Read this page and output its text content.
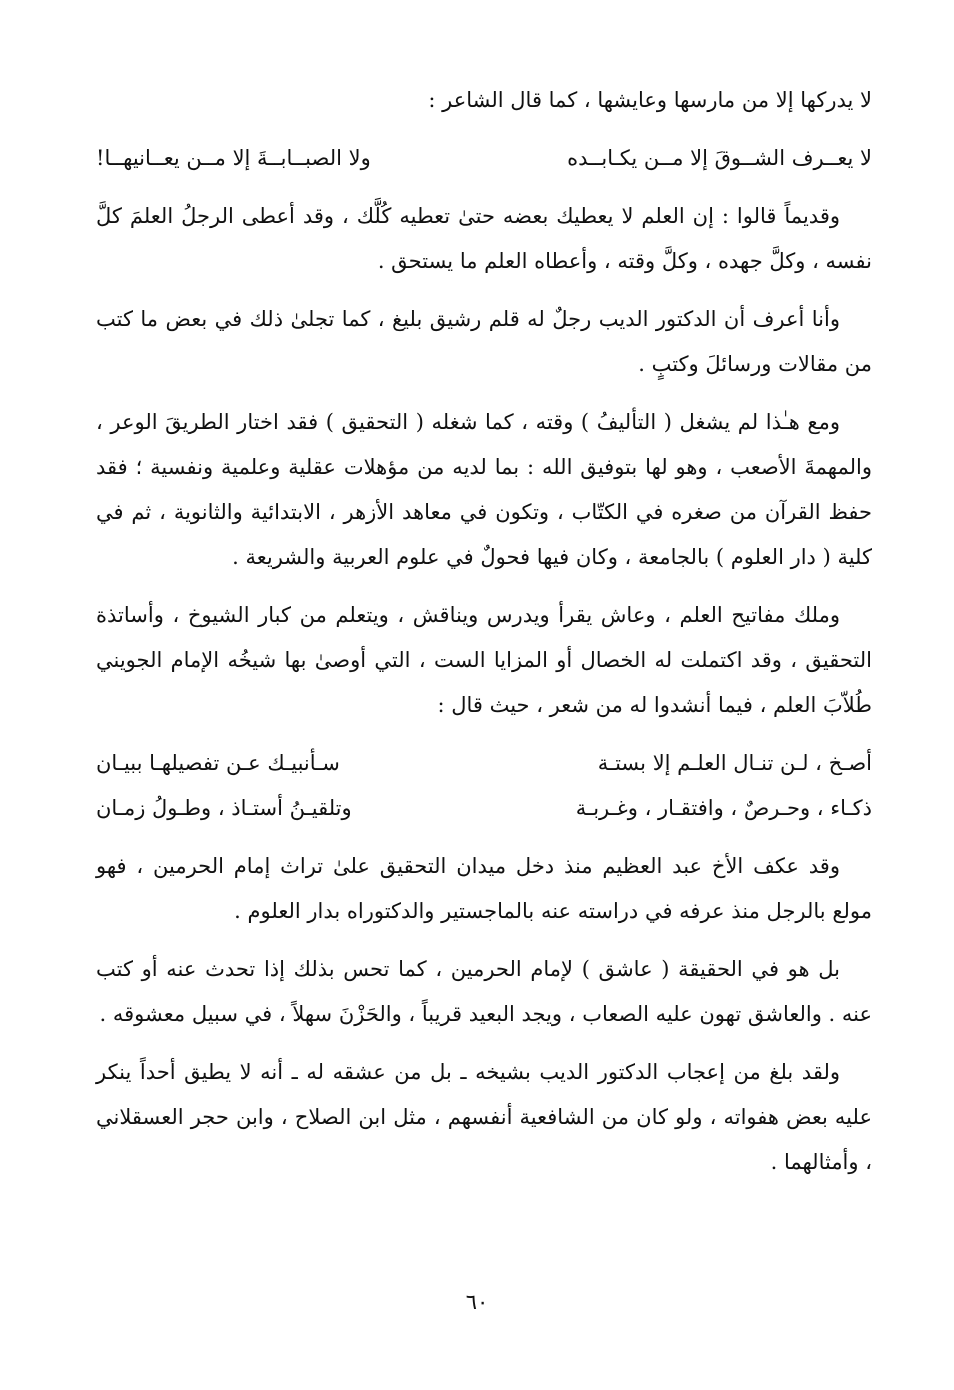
لا يدركها إلا من مارسها وعايشها ، كما قال الشاعر :

لا يعــرف الشــوقَ إلا مــن يكـابــده
ولا الصبــابــةَ إلا مــن يعــانيهــا!

وقديماً قالوا : إن العلم لا يعطيك بعضه حتىٰ تعطيه كُلَّك ، وقد أعطى الرجلُ العلمَ كلَّ نفسه ، وكلَّ جهده ، وكلَّ وقته ، وأعطاه العلم ما يستحق .

وأنا أعرف أن الدكتور الديب رجلٌ له قلم رشيق بليغ ، كما تجلىٰ ذلك في بعض ما كتب من مقالات ورسائلَ وكتبٍ .

ومع هـٰذا لم يشغل ( التأليفُ ) وقته ، كما شغله ( التحقيق ) فقد اختار الطريقَ الوعر ، والمهمةَ الأصعب ، وهو لها بتوفيق الله : بما لديه من مؤهلات عقلية وعلمية ونفسية ؛ فقد حفظ القرآن من صغره في الكتّاب ، وتكون في معاهد الأزهر ، الابتدائية والثانوية ، ثم في كلية ( دار العلوم ) بالجامعة ، وكان فيها فحولٌ في علوم العربية والشريعة .

وملك مفاتيح العلم ، وعاش يقرأ ويدرس ويناقش ، ويتعلم من كبار الشيوخ ، وأساتذة التحقيق ، وقد اكتملت له الخصال أو المزايا الست ، التي أوصىٰ بها شيخُه الإمام الجويني طُلاّبَ العلم ، فيما أنشدوا له من شعر ، حيث قال :

أصـخ ، لـن تنـال العلـم إلا بستـة
سـأنبيـك عـن تفصيلهـا ببيـان
ذكـاء ، وحـرصٌ ، وافتقـار ، وغـربـة
وتلقيـنُ أستـاذ ، وطـولُ زمـان

وقد عكف الأخ عبد العظيم منذ دخل ميدان التحقيق علىٰ تراث إمام الحرمين ، فهو مولع بالرجل منذ عرفه في دراسته عنه بالماجستير والدكتوراه بدار العلوم .

بل هو في الحقيقة ( عاشق ) لإمام الحرمين ، كما تحس بذلك إذا تحدث عنه أو كتب عنه . والعاشق تهون عليه الصعاب ، ويجد البعيد قريباً ، والحَزْنَ سهلاً ، في سبيل معشوقه .

ولقد بلغ من إعجاب الدكتور الديب بشيخه ـ بل من عشقه له ـ أنه لا يطيق أحداً ينكر عليه بعض هفواته ، ولو كان من الشافعية أنفسهم ، مثل ابن الصلاح ، وابن حجر العسقلاني ، وأمثالهما .

٦٠
